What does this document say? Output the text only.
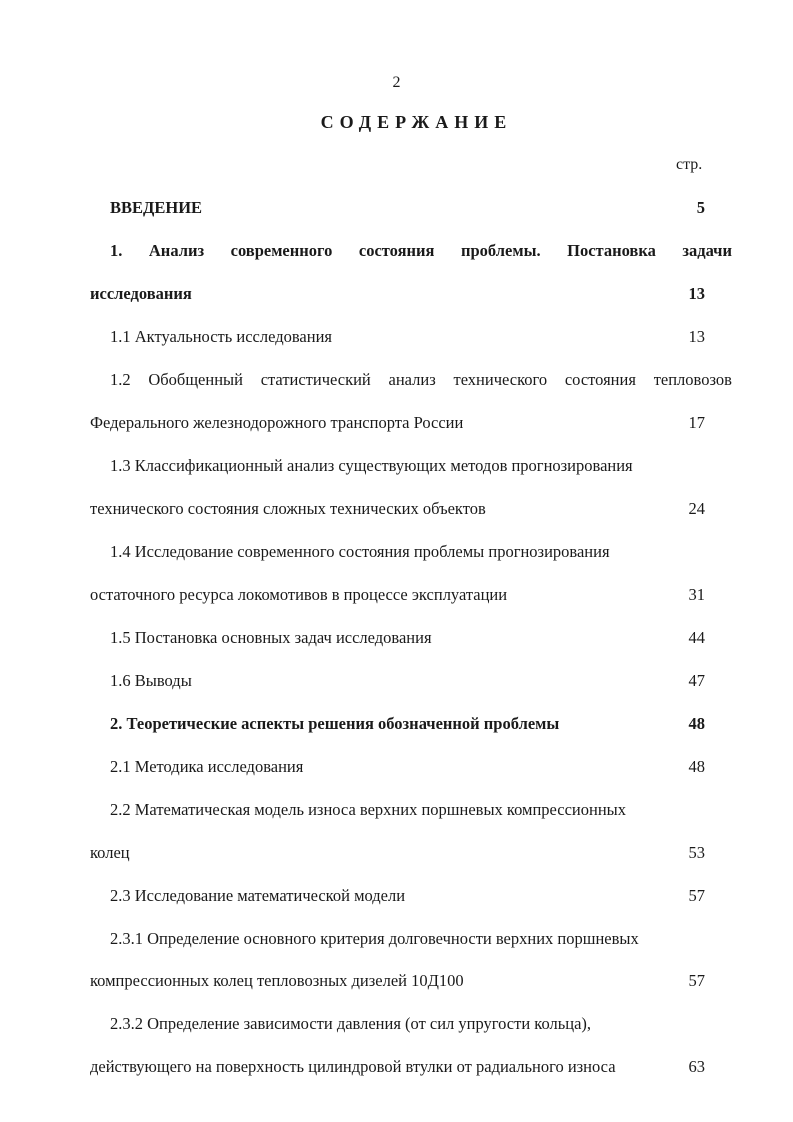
2
СОДЕРЖАНИЕ
стр.
ВВЕДЕНИЕ	5
1. Анализ современного состояния проблемы. Постановка задачи
исследования	13
1.1 Актуальность исследования	13
1.2 Обобщенный статистический анализ технического состояния тепловозов
Федерального железнодорожного транспорта России	17
1.3 Классификационный анализ существующих методов прогнозирования
технического состояния сложных технических объектов	24
1.4 Исследование современного состояния проблемы прогнозирования
остаточного ресурса локомотивов в процессе эксплуатации	31
1.5 Постановка основных задач исследования	44
1.6 Выводы	47
2. Теоретические аспекты решения обозначенной проблемы	48
2.1 Методика исследования	48
2.2 Математическая модель износа верхних поршневых компрессионных
колец	53
2.3 Исследование математической модели	57
2.3.1 Определение основного критерия долговечности верхних поршневых
компрессионных колец тепловозных дизелей 10Д100	57
2.3.2 Определение зависимости давления (от сил упругости кольца),
действующего на поверхность цилиндровой втулки от радиального износа	63
